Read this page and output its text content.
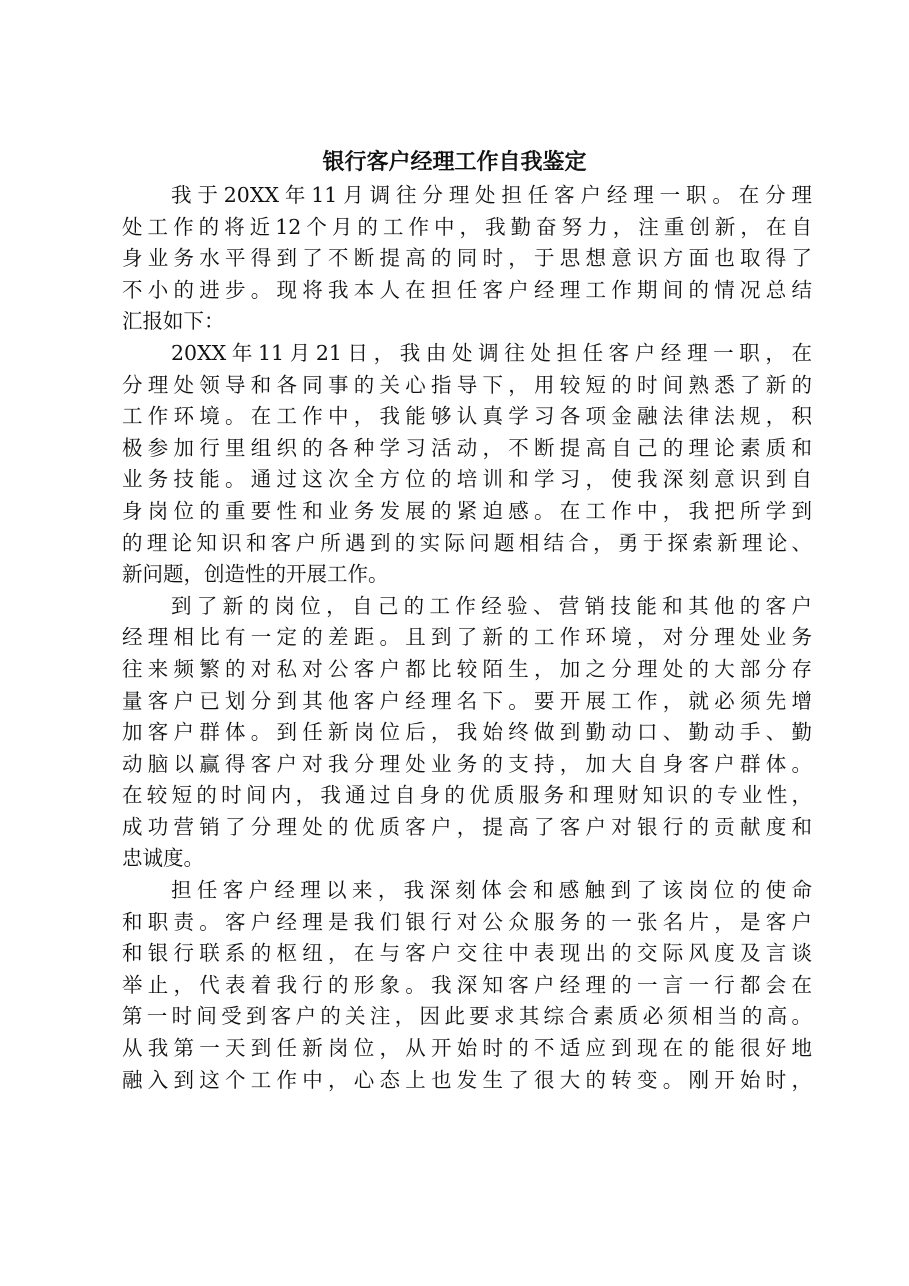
银行客户经理工作自我鉴定
我于20XX年11月调往分理处担任客户经理一职。在分理
处工作的将近12个月的工作中，我勤奋努力，注重创新，在自
身业务水平得到了不断提高的同时，于思想意识方面也取得了
不小的进步。现将我本人在担任客户经理工作期间的情况总结
汇报如下：
20XX年11月21日，我由处调往处担任客户经理一职，在
分理处领导和各同事的关心指导下，用较短的时间熟悉了新的
工作环境。在工作中，我能够认真学习各项金融法律法规，积
极参加行里组织的各种学习活动，不断提高自己的理论素质和
业务技能。通过这次全方位的培训和学习，使我深刻意识到自
身岗位的重要性和业务发展的紧迫感。在工作中，我把所学到
的理论知识和客户所遇到的实际问题相结合，勇于探索新理论、
新问题，创造性的开展工作。
到了新的岗位，自己的工作经验、营销技能和其他的客户
经理相比有一定的差距。且到了新的工作环境，对分理处业务
往来频繁的对私对公客户都比较陌生，加之分理处的大部分存
量客户已划分到其他客户经理名下。要开展工作，就必须先增
加客户群体。到任新岗位后，我始终做到勤动口、勤动手、勤
动脑以赢得客户对我分理处业务的支持，加大自身客户群体。
在较短的时间内，我通过自身的优质服务和理财知识的专业性，
成功营销了分理处的优质客户，提高了客户对银行的贡献度和
忠诚度。
担任客户经理以来，我深刻体会和感触到了该岗位的使命
和职责。客户经理是我们银行对公众服务的一张名片，是客户
和银行联系的枢纽，在与客户交往中表现出的交际风度及言谈
举止，代表着我行的形象。我深知客户经理的一言一行都会在
第一时间受到客户的关注，因此要求其综合素质必须相当的高。
从我第一天到任新岗位，从开始时的不适应到现在的能很好地
融入到这个工作中，心态上也发生了很大的转变。刚开始时，
